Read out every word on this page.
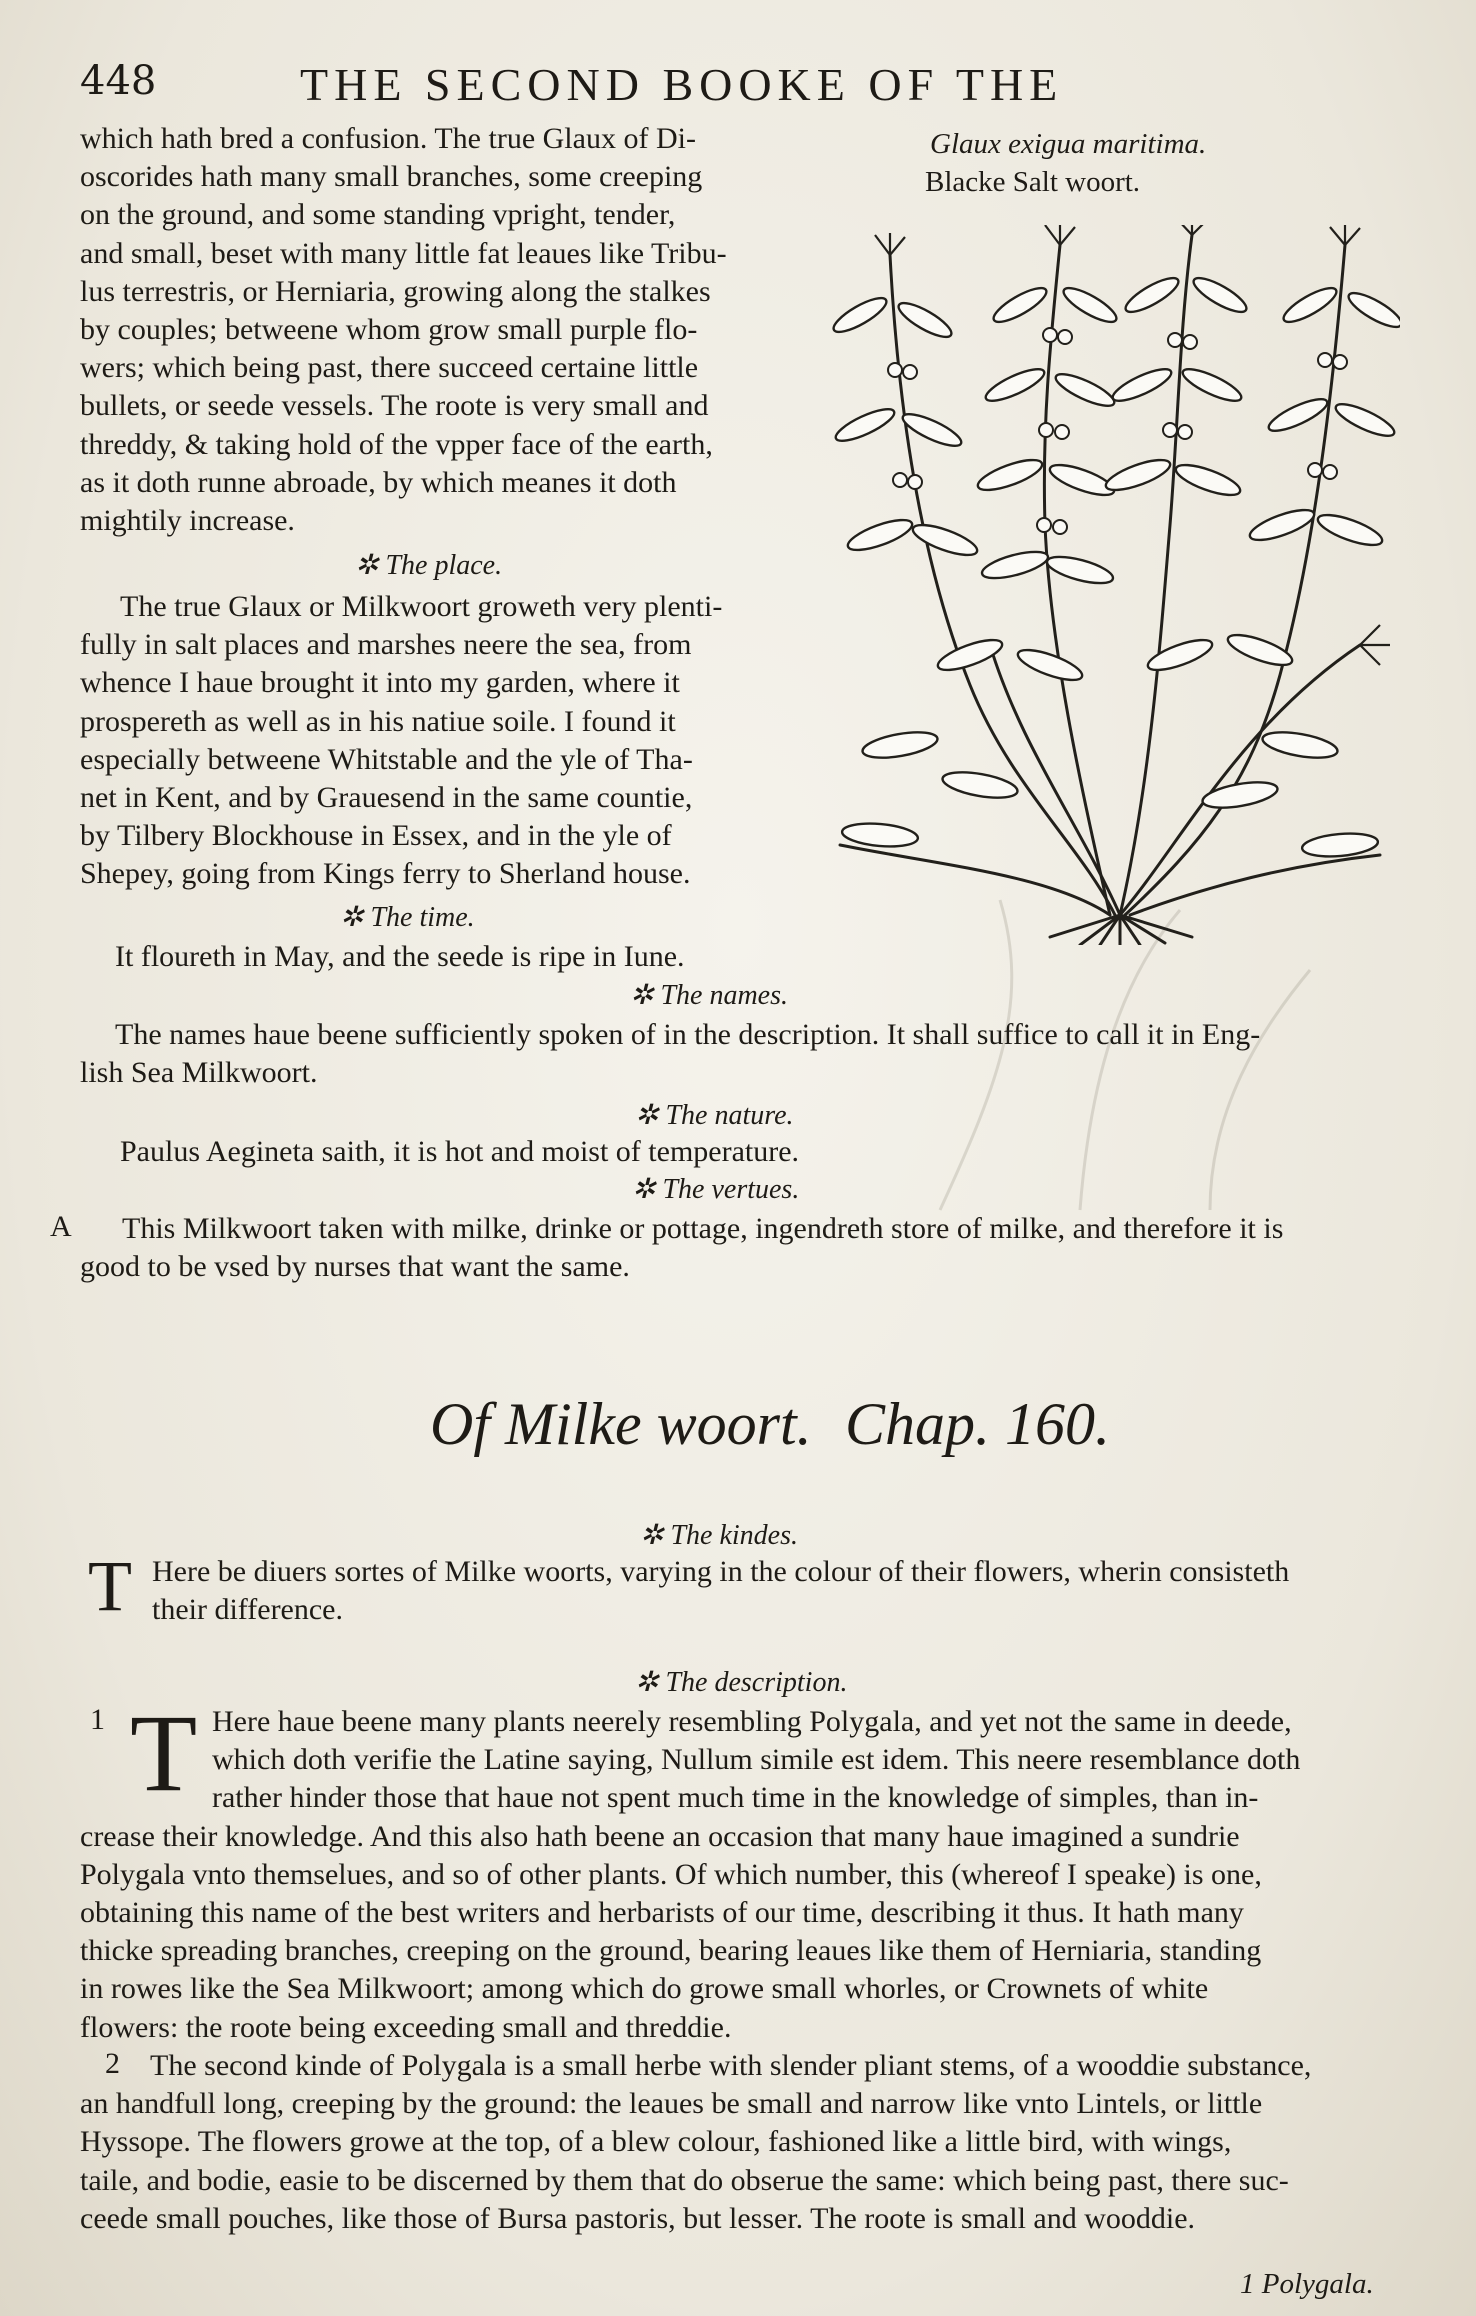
448	THE SECOND BOOKE OF THE
which hath bred a confusion. The true Glaux of Di-
oscorides hath many small branches, some creeping
on the ground, and some standing vpright, tender,
and small, beset with many little fat leaues like Tribu-
lus terrestris, or Herniaria, growing along the stalkes
by couples; betweene whom grow small purple flo-
wers; which being past, there succeed certaine little
bullets, or seede vessels. The roote is very small and
threddy, & taking hold of the vpper face of the earth,
as it doth runne abroade, by which meanes it doth
mightily increase.
✲ The place.
The true Glaux or Milkwoort groweth very plenti-
fully in salt places and marshes neere the sea, from
whence I haue brought it into my garden, where it
prospereth as well as in his natiue soile. I found it
especially betweene Whitstable and the yle of Tha-
net in Kent, and by Grauesend in the same countie,
by Tilbery Blockhouse in Essex, and in the yle of
Shepey, going from Kings ferry to Sherland house.
✲ The time.
It floureth in May, and the seede is ripe in Iune.
Glaux exigua maritima.
Blacke Salt woort.
✲ The names.
The names haue beene sufficiently spoken of in the description. It shall suffice to call it in Eng-
lish Sea Milkwoort.
✲ The nature.
Paulus Aegineta saith, it is hot and moist of temperature.
✲ The vertues.
A This Milkwoort taken with milke, drinke or pottage, ingendreth store of milke, and therefore it is
good to be vsed by nurses that want the same.
Of Milke woort. Chap. 160.
✲ The kindes.
T Here be diuers sortes of Milke woorts, varying in the colour of their flowers, wherin consisteth
their difference.
✲ The description.
1 T Here haue beene many plants neerely resembling Polygala, and yet not the same in deede,
which doth verifie the Latine saying, Nullum simile est idem. This neere resemblance doth
rather hinder those that haue not spent much time in the knowledge of simples, than in-
crease their knowledge. And this also hath beene an occasion that many haue imagined a sundrie
Polygala vnto themselues, and so of other plants. Of which number, this (whereof I speake) is one,
obtaining this name of the best writers and herbarists of our time, describing it thus. It hath many
thicke spreading branches, creeping on the ground, bearing leaues like them of Herniaria, standing
in rowes like the Sea Milkwoort; among which do growe small whorles, or Crownets of white
flowers: the roote being exceeding small and threddie.
2 The second kinde of Polygala is a small herbe with slender pliant stems, of a wooddie substance,
an handfull long, creeping by the ground: the leaues be small and narrow like vnto Lintels, or little
Hyssope. The flowers growe at the top, of a blew colour, fashioned like a little bird, with wings,
taile, and bodie, easie to be discerned by them that do obserue the same: which being past, there suc-
ceede small pouches, like those of Bursa pastoris, but lesser. The roote is small and wooddie.
1 Polygala.
